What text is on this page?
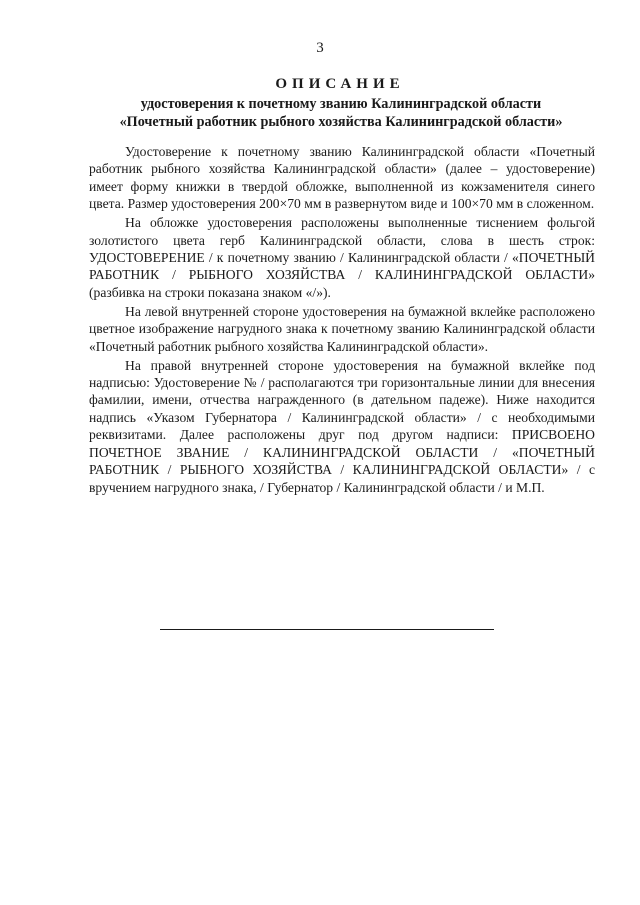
3
ОПИСАНИЕ
удостоверения к почетному званию Калининградской области
«Почетный работник рыбного хозяйства Калининградской области»

Удостоверение к почетному званию Калининградской области «Почетный работник рыбного хозяйства Калининградской области» (далее – удостоверение) имеет форму книжки в твердой обложке, выполненной из кожзаменителя синего цвета. Размер удостоверения 200×70 мм в развернутом виде и 100×70 мм в сложенном.

На обложке удостоверения расположены выполненные тиснением фольгой золотистого цвета герб Калининградской области, слова в шесть строк: УДОСТОВЕРЕНИЕ / к почетному званию / Калининградской области / «ПОЧЕТНЫЙ РАБОТНИК / РЫБНОГО ХОЗЯЙСТВА / КАЛИНИНГРАДСКОЙ ОБЛАСТИ» (разбивка на строки показана знаком «/»).

На левой внутренней стороне удостоверения на бумажной вклейке расположено цветное изображение нагрудного знака к почетному званию Калининградской области «Почетный работник рыбного хозяйства Калининградской области».

На правой внутренней стороне удостоверения на бумажной вклейке под надписью: Удостоверение № / располагаются три горизонтальные линии для внесения фамилии, имени, отчества награжденного (в дательном падеже). Ниже находится надпись «Указом Губернатора / Калининградской области» / с необходимыми реквизитами. Далее расположены друг под другом надписи: ПРИСВОЕНО ПОЧЕТНОЕ ЗВАНИЕ / КАЛИНИНГРАДСКОЙ ОБЛАСТИ / «ПОЧЕТНЫЙ РАБОТНИК / РЫБНОГО ХОЗЯЙСТВА / КАЛИНИНГРАДСКОЙ ОБЛАСТИ» / с вручением нагрудного знака, / Губернатор / Калининградской области / и М.П.
